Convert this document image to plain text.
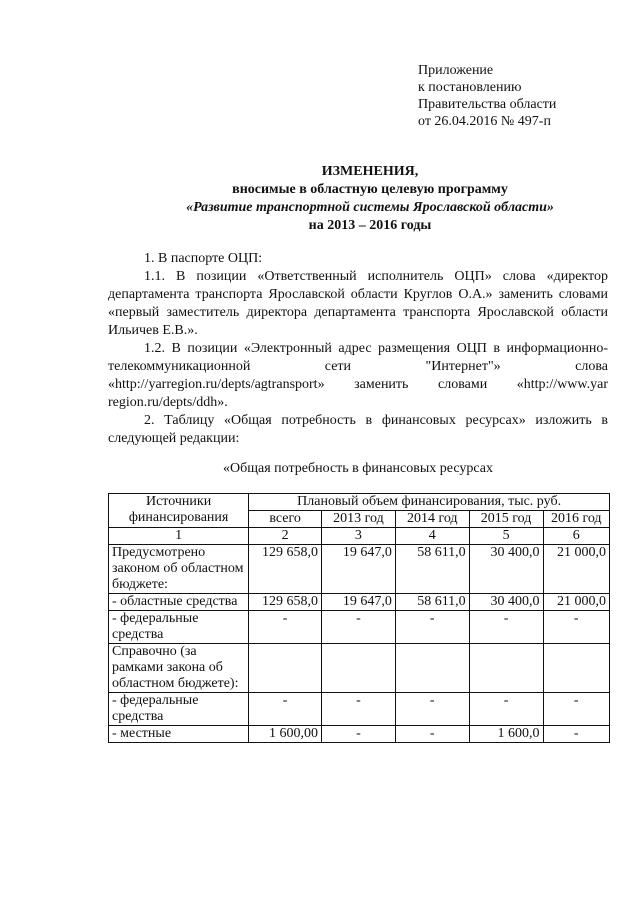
Приложение
к постановлению
Правительства области
от 26.04.2016 № 497-п
ИЗМЕНЕНИЯ,
вносимые в областную целевую программу
«Развитие транспортной системы Ярославской области»
на 2013 – 2016 годы

1. В паспорте ОЦП:

1.1. В позиции «Ответственный исполнитель ОЦП» слова «директор департамента транспорта Ярославской области Круглов О.А.» заменить словами «первый заместитель директора департамента транспорта Ярославской области Ильичев Е.В.».

1.2. В позиции «Электронный адрес размещения ОЦП в информационно-телекоммуникационной сети "Интернет"» слова «http://yarregion.ru/depts/agtransport» заменить словами «http://www.yar region.ru/depts/ddh».

2. Таблицу «Общая потребность в финансовых ресурсах» изложить в следующей редакции:

«Общая потребность в финансовых ресурсах
Источники финансирования	Плановый объем финансирования, тыс. руб.				
	всего	2013 год	2014 год	2015 год	2016 год
1	2	3	4	5	6
Предусмотрено законом об областном бюджете:	129 658,0	19 647,0	58 611,0	30 400,0	21 000,0
- областные средства	129 658,0	19 647,0	58 611,0	30 400,0	21 000,0
- федеральные средства	-	-	-	-	-
Справочно (за рамками закона об областном бюджете):					
- федеральные средства	-	-	-	-	-
- местные	1 600,00	-	-	1 600,0	-
